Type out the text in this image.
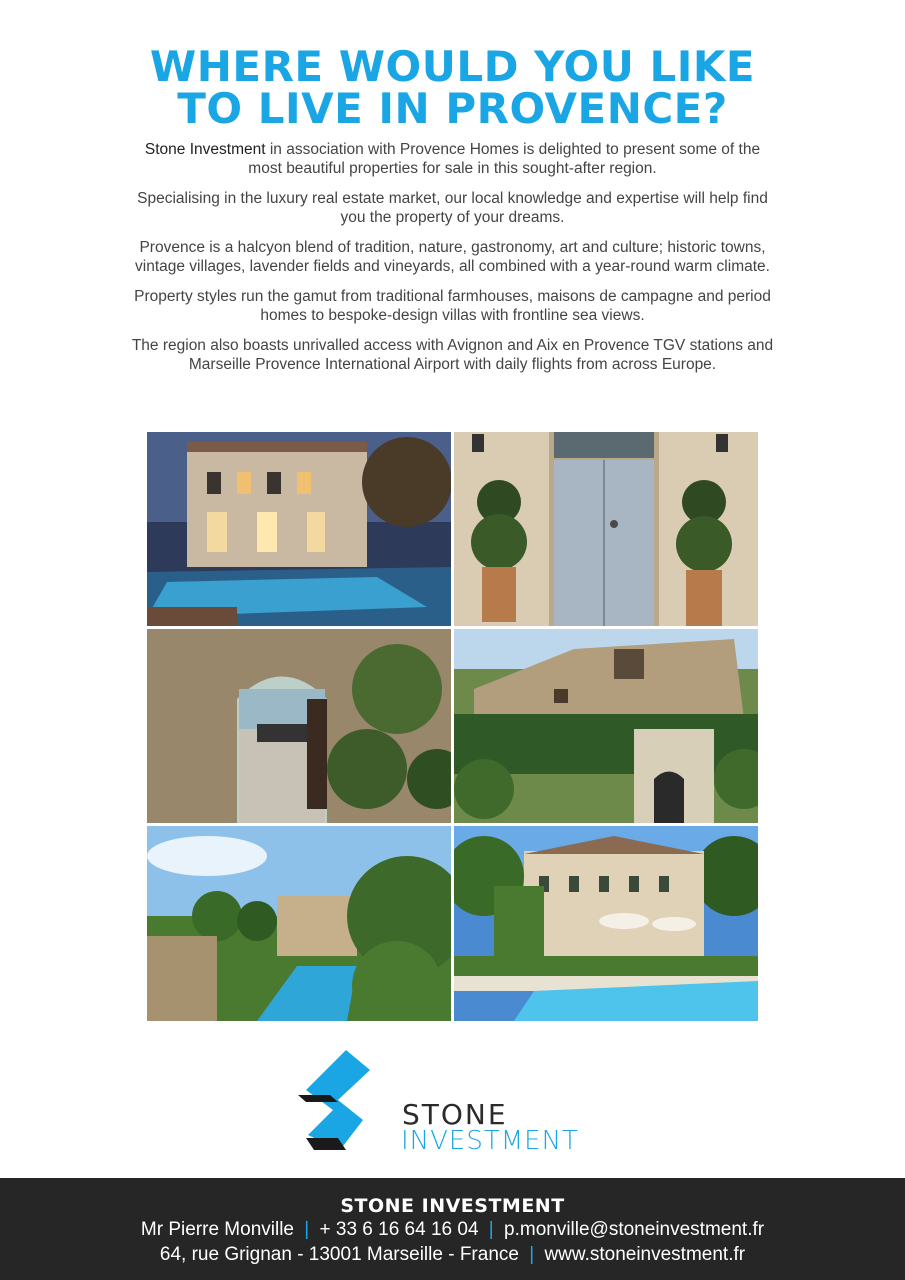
WHERE WOULD YOU LIKE
TO LIVE IN PROVENCE?

Stone Investment in association with Provence Homes is delighted to present some of the most beautiful properties for sale in this sought-after region.

Specialising in the luxury real estate market, our local knowledge and expertise will help find you the property of your dreams.

Provence is a halcyon blend of tradition, nature, gastronomy, art and culture; historic towns, vintage villages, lavender fields and vineyards, all combined with a year-round warm climate.

Property styles run the gamut from traditional farmhouses, maisons de campagne and period homes to bespoke-design villas with frontline sea views.

The region also boasts unrivalled access with Avignon and Aix en Provence TGV stations and Marseille Provence International Airport with daily flights from across Europe.

STONE
INVESTMENT
STONE INVESTMENT
Mr Pierre Monville | + 33 6 16 64 16 04 | p.monville@stoneinvestment.fr
64, rue Grignan - 13001 Marseille - France | www.stoneinvestment.fr
